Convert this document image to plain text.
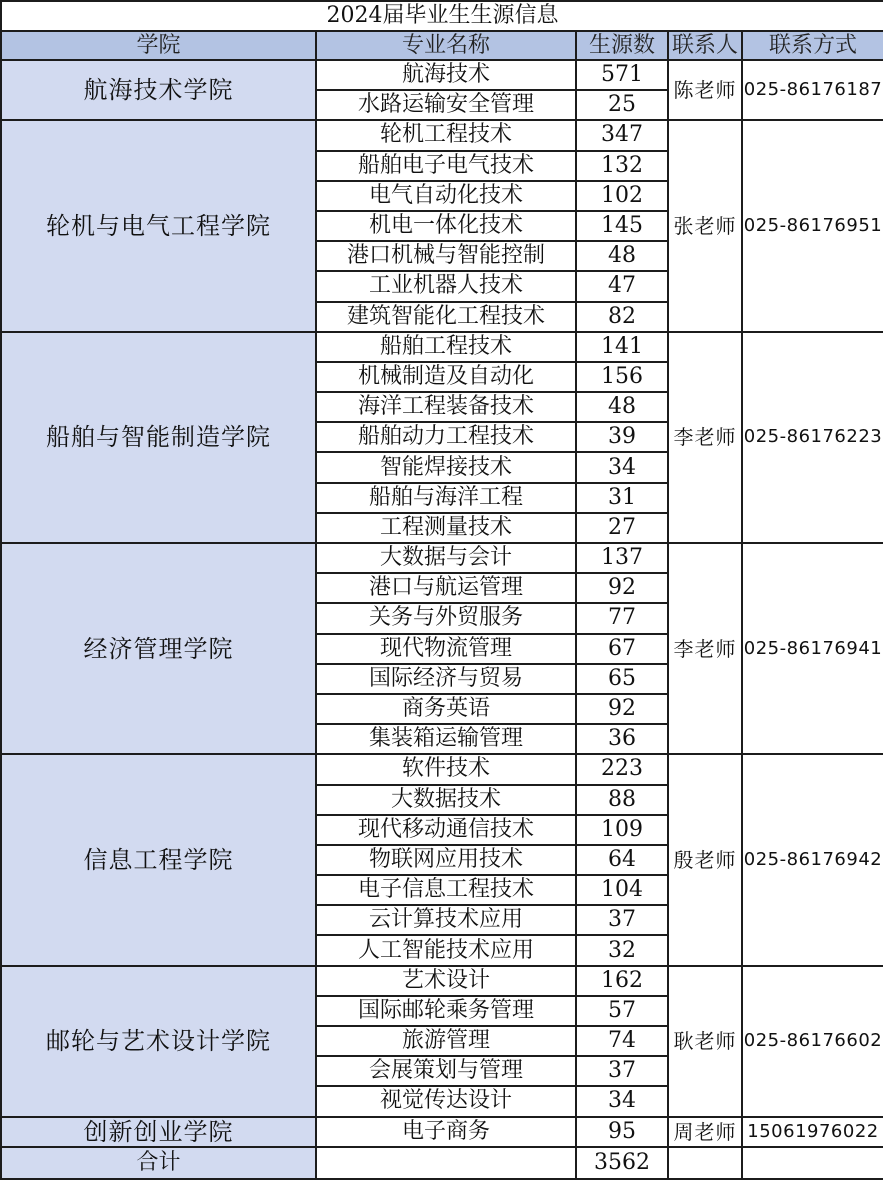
2024届毕业生生源信息				
学院	专业名称	生源数	联系人	联系方式
航海技术学院	航海技术	571	陈老师	025-86176187
	水路运输安全管理	25		
轮机与电气工程学院	轮机工程技术	347	张老师	025-86176951
	船舶电子电气技术	132		
	电气自动化技术	102		
	机电一体化技术	145		
	港口机械与智能控制	48		
	工业机器人技术	47		
	建筑智能化工程技术	82		
船舶与智能制造学院	船舶工程技术	141	李老师	025-86176223
	机械制造及自动化	156		
	海洋工程装备技术	48		
	船舶动力工程技术	39		
	智能焊接技术	34		
	船舶与海洋工程	31		
	工程测量技术	27		
经济管理学院	大数据与会计	137	李老师	025-86176941
	港口与航运管理	92		
	关务与外贸服务	77		
	现代物流管理	67		
	国际经济与贸易	65		
	商务英语	92		
	集装箱运输管理	36		
信息工程学院	软件技术	223	殷老师	025-86176942
	大数据技术	88		
	现代移动通信技术	109		
	物联网应用技术	64		
	电子信息工程技术	104		
	云计算技术应用	37		
	人工智能技术应用	32		
邮轮与艺术设计学院	艺术设计	162	耿老师	025-86176602
	国际邮轮乘务管理	57		
	旅游管理	74		
	会展策划与管理	37		
	视觉传达设计	34		
创新创业学院	电子商务	95	周老师	15061976022
合计		3562		
